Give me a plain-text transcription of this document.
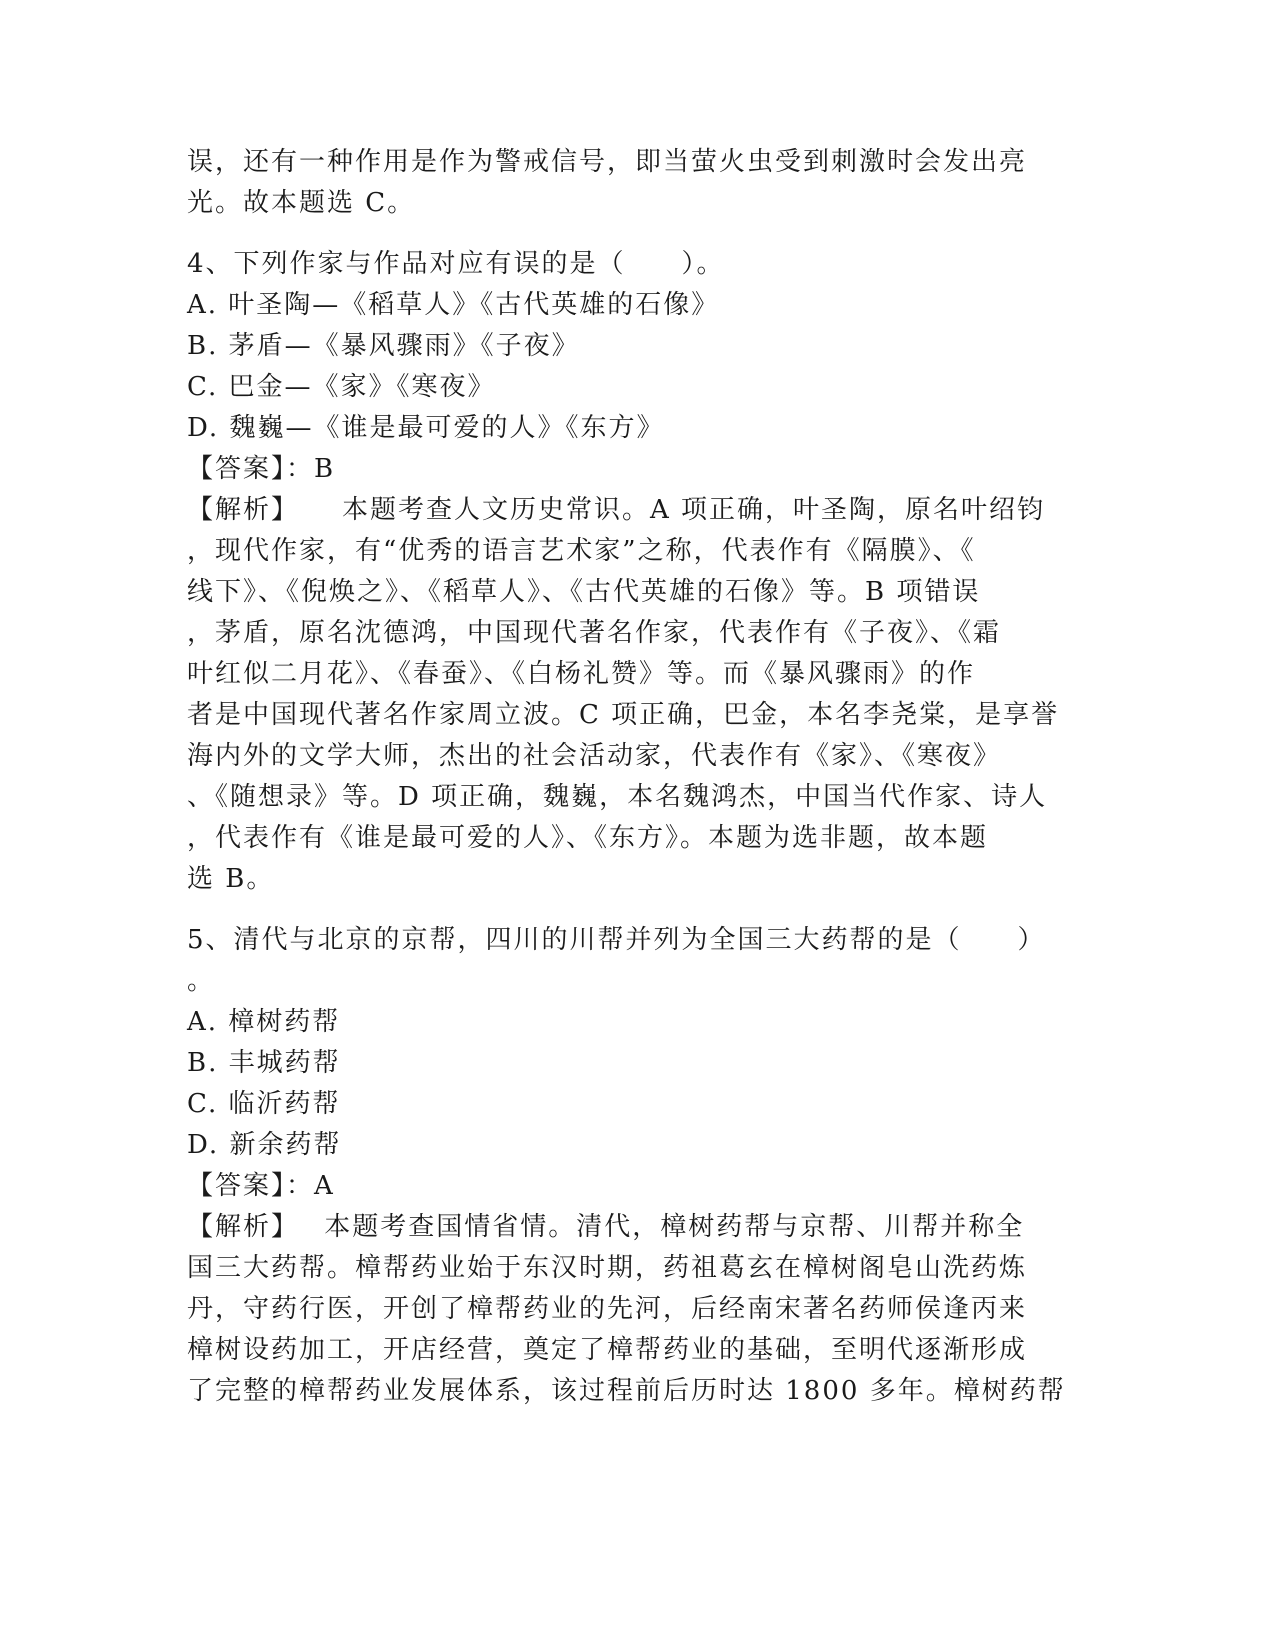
误，还有一种作用是作为警戒信号，即当萤火虫受到刺激时会发出亮
光。故本题选 C。
4、下列作家与作品对应有误的是（　　）。
A. 叶圣陶—《稻草人》《古代英雄的石像》
B. 茅盾—《暴风骤雨》《子夜》
C. 巴金—《家》《寒夜》
D. 魏巍—《谁是最可爱的人》《东方》
【答案】：B
【解析】　　本题考查人文历史常识。A 项正确，叶圣陶，原名叶绍钧
，现代作家，有“优秀的语言艺术家”之称，代表作有《隔膜》、《
线下》、《倪焕之》、《稻草人》、《古代英雄的石像》等。B 项错误
，茅盾，原名沈德鸿，中国现代著名作家，代表作有《子夜》、《霜
叶红似二月花》、《春蚕》、《白杨礼赞》等。而《暴风骤雨》的作
者是中国现代著名作家周立波。C 项正确，巴金，本名李尧棠，是享誉
海内外的文学大师，杰出的社会活动家，代表作有《家》、《寒夜》
、《随想录》等。D 项正确，魏巍，本名魏鸿杰，中国当代作家、诗人
，代表作有《谁是最可爱的人》、《东方》。本题为选非题，故本题
选 B。
5、清代与北京的京帮，四川的川帮并列为全国三大药帮的是（　　）
。
A. 樟树药帮
B. 丰城药帮
C. 临沂药帮
D. 新余药帮
【答案】：A
【解析】　 本题考查国情省情。清代，樟树药帮与京帮、川帮并称全
国三大药帮。樟帮药业始于东汉时期，药祖葛玄在樟树阁皂山洗药炼
丹，守药行医，开创了樟帮药业的先河，后经南宋著名药师侯逢丙来
樟树设药加工，开店经营，奠定了樟帮药业的基础，至明代逐渐形成
了完整的樟帮药业发展体系，该过程前后历时达 1800 多年。樟树药帮
